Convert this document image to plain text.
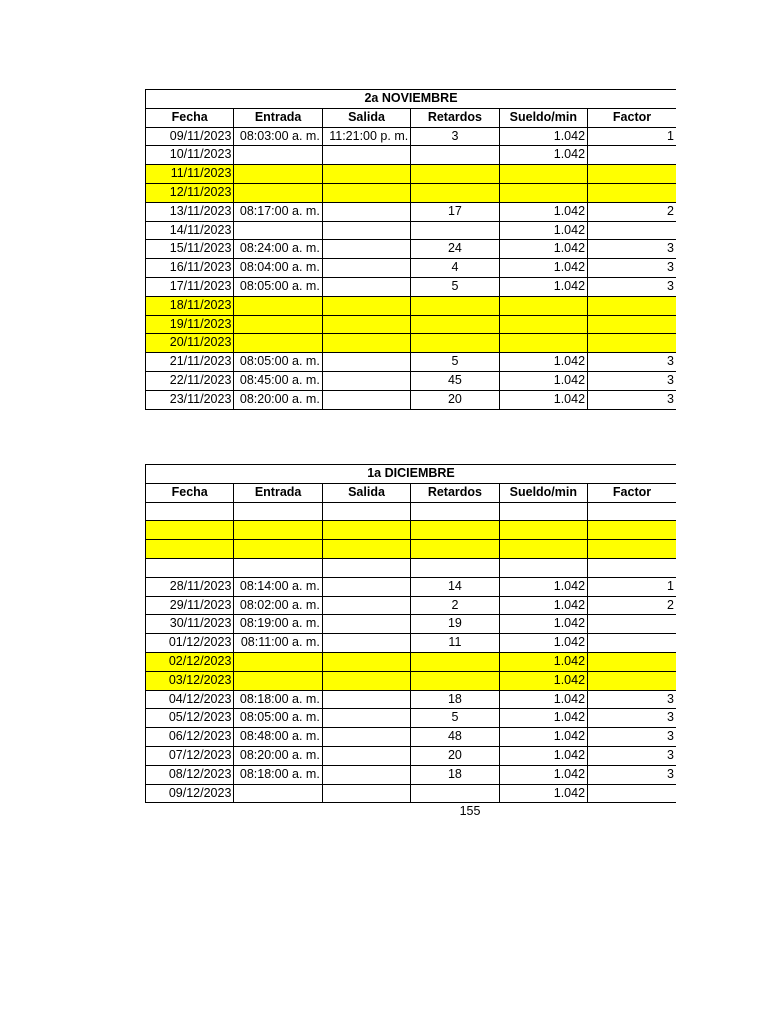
2a NOVIEMBRE					
Fecha	Entrada	Salida	Retardos	Sueldo/min	Factor
09/11/2023	08:03:00 a. m.	11:21:00 p. m.	3	1.042	1
10/11/2023				1.042	
11/11/2023					
12/11/2023					
13/11/2023	08:17:00 a. m.		17	1.042	2
14/11/2023				1.042	
15/11/2023	08:24:00 a. m.		24	1.042	3
16/11/2023	08:04:00 a. m.		4	1.042	3
17/11/2023	08:05:00 a. m.		5	1.042	3
18/11/2023					
19/11/2023					
20/11/2023					
21/11/2023	08:05:00 a. m.		5	1.042	3
22/11/2023	08:45:00 a. m.		45	1.042	3
23/11/2023	08:20:00 a. m.		20	1.042	3
1a DICIEMBRE					
Fecha	Entrada	Salida	Retardos	Sueldo/min	Factor

28/11/2023	08:14:00 a. m.		14	1.042	1
29/11/2023	08:02:00 a. m.		2	1.042	2
30/11/2023	08:19:00 a. m.		19	1.042	
01/12/2023	08:11:00 a. m.		11	1.042	
02/12/2023				1.042	
03/12/2023				1.042	
04/12/2023	08:18:00 a. m.		18	1.042	3
05/12/2023	08:05:00 a. m.		5	1.042	3
06/12/2023	08:48:00 a. m.		48	1.042	3
07/12/2023	08:20:00 a. m.		20	1.042	3
08/12/2023	08:18:00 a. m.		18	1.042	3
09/12/2023				1.042	
155
